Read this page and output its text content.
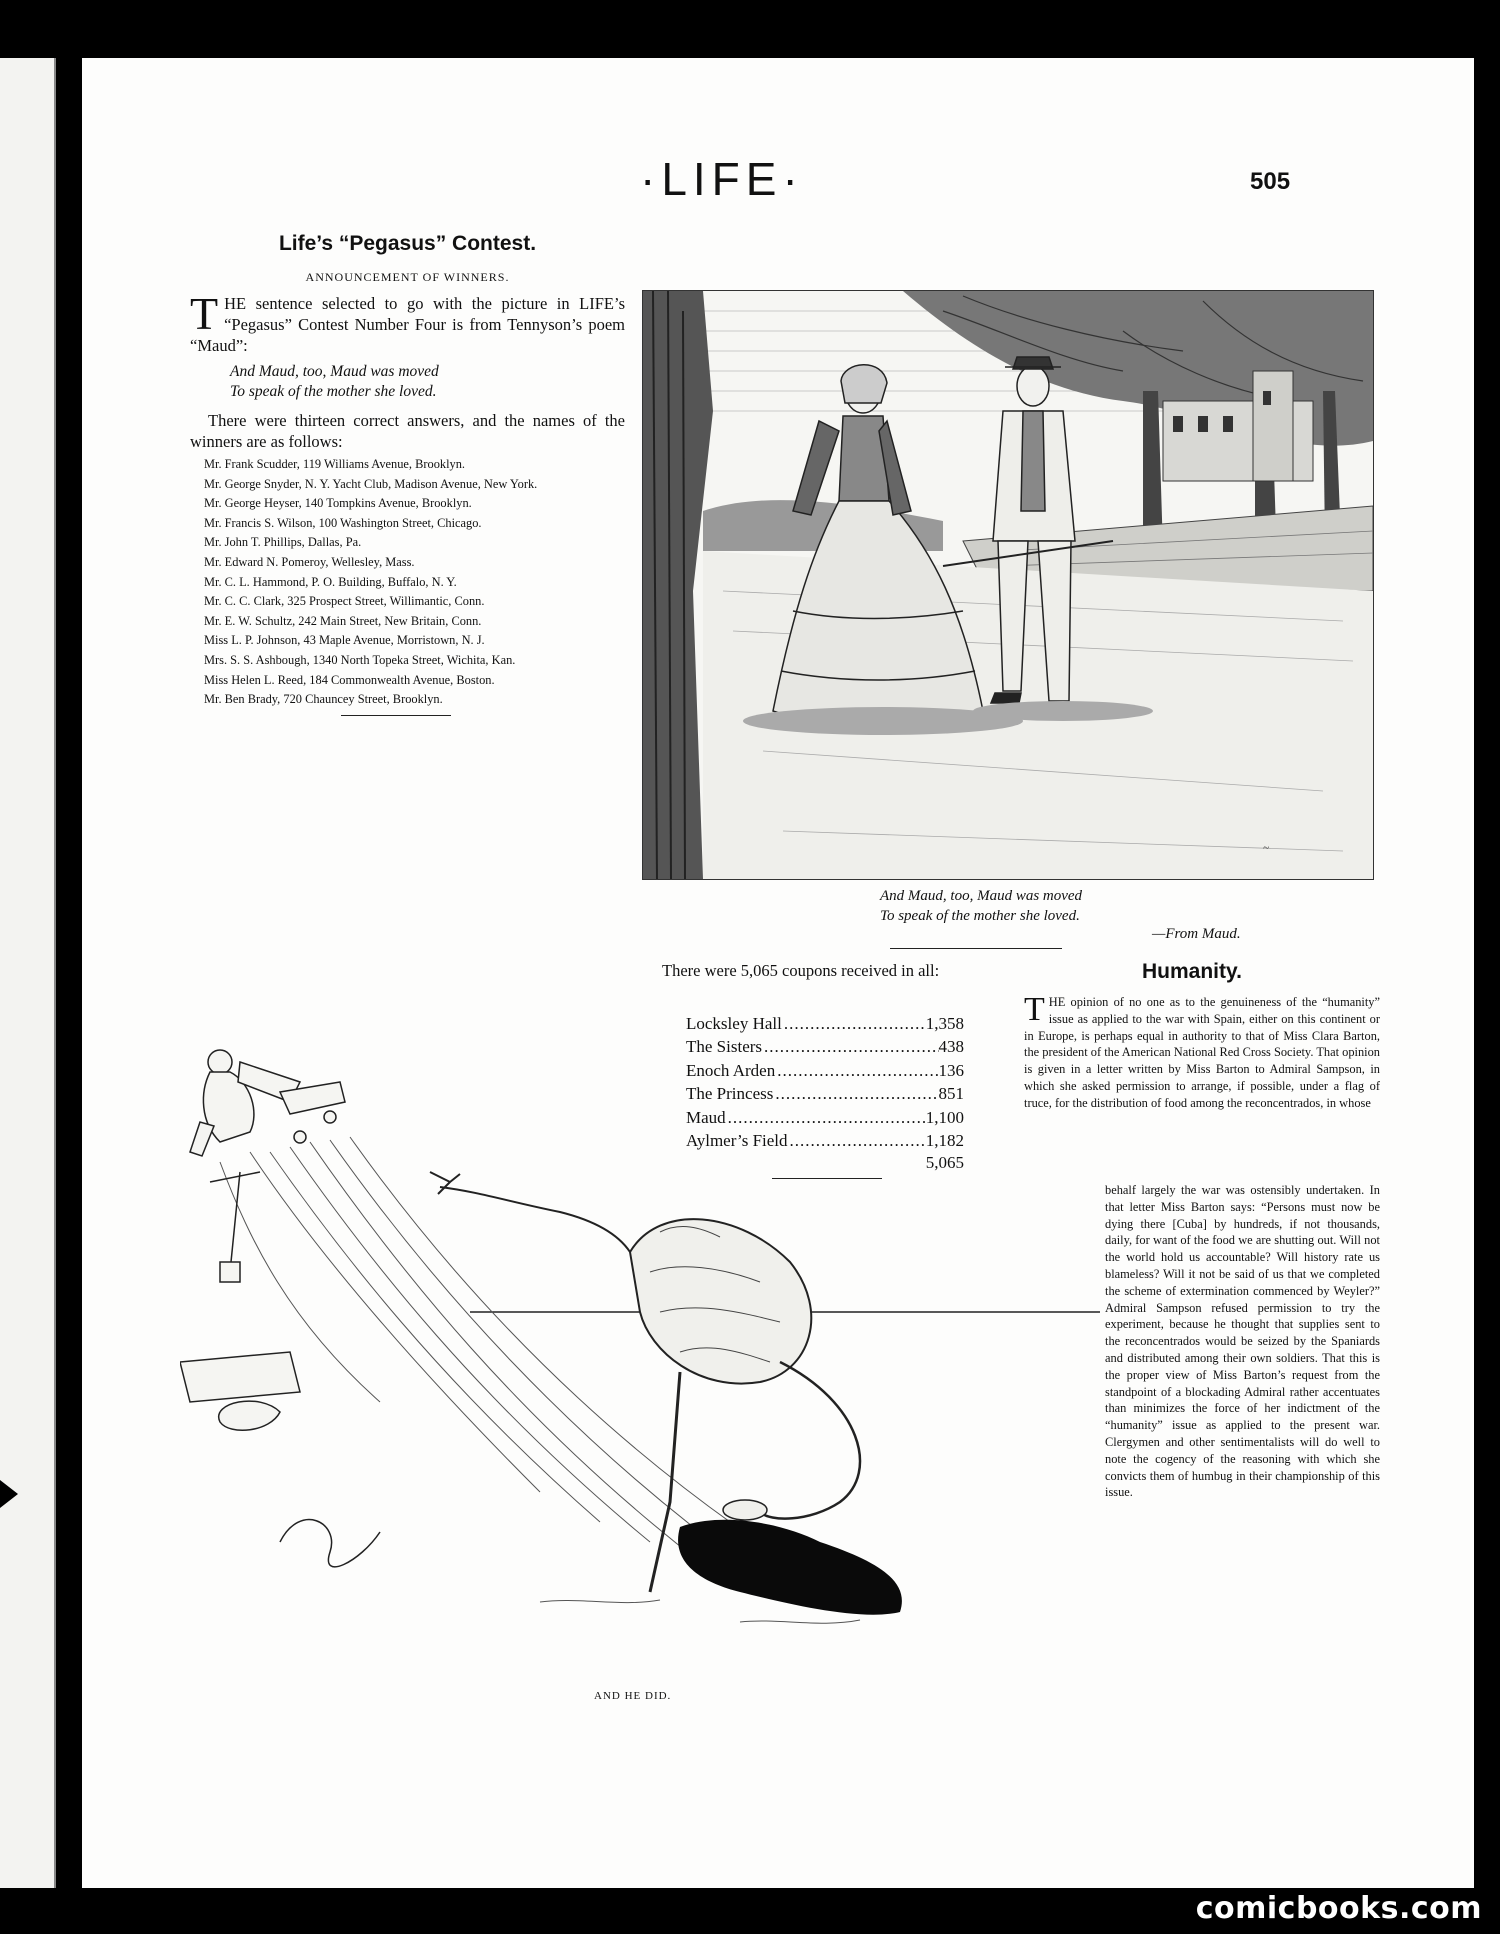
·LIFE·	505
Life’s “Pegasus” Contest.
ANNOUNCEMENT OF WINNERS.

THE sentence selected to go with the picture in LIFE’s “Pegasus” Contest Number Four is from Tennyson’s poem “Maud”:

And Maud, too, Maud was moved
To speak of the mother she loved.

There were thirteen correct answers, and the names of the winners are as follows:

Mr. Frank Scudder, 119 Williams Avenue, Brooklyn.
Mr. George Snyder, N. Y. Yacht Club, Madison Avenue, New York.
Mr. George Heyser, 140 Tompkins Avenue, Brooklyn.
Mr. Francis S. Wilson, 100 Washington Street, Chicago.
Mr. John T. Phillips, Dallas, Pa.
Mr. Edward N. Pomeroy, Wellesley, Mass.
Mr. C. L. Hammond, P. O. Building, Buffalo, N. Y.
Mr. C. C. Clark, 325 Prospect Street, Willimantic, Conn.
Mr. E. W. Schultz, 242 Main Street, New Britain, Conn.
Miss L. P. Johnson, 43 Maple Avenue, Morristown, N. J.
Mrs. S. S. Ashbough, 1340 North Topeka Street, Wichita, Kan.
Miss Helen L. Reed, 184 Commonwealth Avenue, Boston.
Mr. Ben Brady, 720 Chauncey Street, Brooklyn.
~
And Maud, too, Maud was moved
To speak of the mother she loved.
—From Maud.
There were 5,065 coupons received in all:
Locksley Hall .....	1,358
The Sisters .....	438
Enoch Arden .....	136
The Princess .....	851
Maud .....	1,100
Aylmer’s Field .....	1,182
5,065
Humanity.
THE opinion of no one as to the genuineness of the “humanity” issue as applied to the war with Spain, either on this continent or in Europe, is perhaps equal in authority to that of Miss Clara Barton, the president of the American National Red Cross Society. That opinion is given in a letter written by Miss Barton to Admiral Sampson, in which she asked permission to arrange, if possible, under a flag of truce, for the distribution of food among the reconcentrados, in whose
behalf largely the war was ostensibly undertaken. In that letter Miss Barton says: “Persons must now be dying there [Cuba] by hundreds, if not thousands, daily, for want of the food we are shutting out. Will not the world hold us accountable? Will history rate us blameless? Will it not be said of us that we completed the scheme of extermination commenced by Weyler?” Admiral Sampson refused permission to try the experiment, because he thought that supplies sent to the reconcentrados would be seized by the Spaniards and distributed among their own soldiers. That this is the proper view of Miss Barton’s request from the standpoint of a blockading Admiral rather accentuates than minimizes the force of her indictment of the “humanity” issue as applied to the present war. Clergymen and other sentimentalists will do well to note the cogency of the reasoning with which she convicts them of humbug in their championship of this issue.
AND HE DID.
comicbooks.com
